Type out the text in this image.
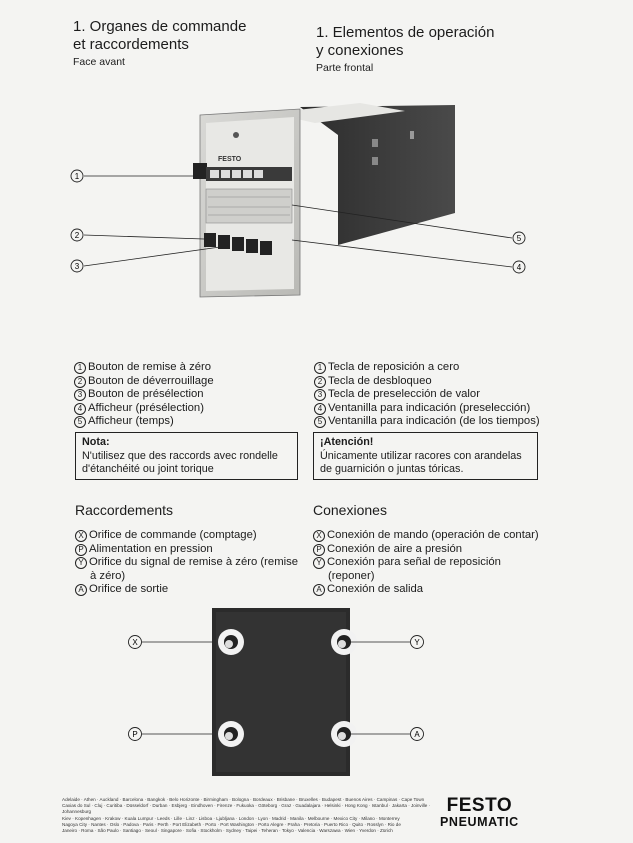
1. Organes de commande
et raccordements
Face avant
1. Elementos de operación
y conexiones
Parte frontal
FESTO
1
2
3
5
4
1 Bouton de remise à zéro
2 Bouton de déverrouillage
3 Bouton de présélection
4 Afficheur (présélection)
5 Afficheur (temps)
1 Tecla de reposición a cero
2 Tecla de desbloqueo
3 Tecla de preselección de valor
4 Ventanilla para indicación (preselección)
5 Ventanilla para indicación (de los tiempos)
Nota:
N'utilisez que des raccords avec rondelle
d'étanchéité ou joint torique
¡Atención!
Únicamente utilizar racores con arandelas
de guarnición o juntas tóricas.
Raccordements
X Orifice de commande (comptage)
P Alimentation en pression
Y Orifice du signal de remise à zéro (remise
à zéro)
A Orifice de sortie
Conexiones
X Conexión de mando (operación de contar)
P Conexión de aire a presión
Y Conexión para señal de reposición
(reponer)
A Conexión de salida
X
P
Y
A
Adelaide · Athen · Auckland · Barcelona · Bangkok · Belo Horizonte · Birmingham · Bologna · Bordeaux · Brisbane · Bruxelles · Budapest · Buenos Aires · Campinas · Cape Town
Caxias do Sul · Cluj · Curitiba · Düsseldorf · Durban · Esbjerg · Eindhoven · Firenze · Fukuoka · Göteborg · Graz · Guadalajara · Helsinki · Hong Kong · Istanbul · Jakarta · Joinville · Johannesburg
Kiev · Kopenhagen · Krakow · Kuala Lumpur · Leeds · Lille · Linz · Lisboa · Ljubljana · London · Lyon · Madrid · Manila · Melbourne · Mexico City · Milano · Monterrey
Nagoya City · Nantes · Oslo · Padova · Paris · Perth · Port Elizabeth · Porto · Port Washington · Porto Alegre · Praha · Pretoria · Puerto Rico · Quito · Rosslyn · Rio de
Janeiro · Roma · São Paulo · Santiago · Seoul · Singapore · Sofia · Stockholm · Sydney · Taipei · Teheran · Tokyo · Valencia · Warszawa · Wien · Yverdon · Zürich
FESTO
PNEUMATIC
